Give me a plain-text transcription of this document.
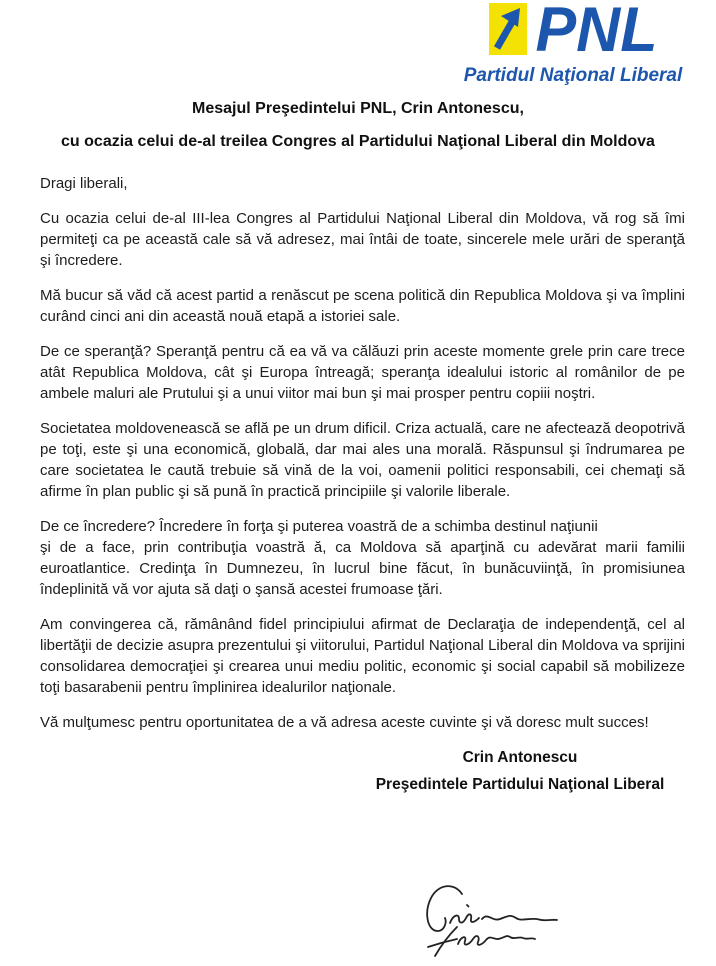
PNL
Partidul Naţional Liberal
Mesajul Preşedintelui PNL, Crin Antonescu,
cu ocazia celui de-al treilea Congres al Partidului Naţional Liberal din Moldova

Dragi liberali,

Cu ocazia celui de-al III-lea Congres al Partidului Naţional Liberal din Moldova, vă rog să îmi permiteţi ca pe această cale să vă adresez, mai întâi de toate, sincerele mele urări de speranţă şi încredere.

Mă bucur să văd că acest partid a renăscut pe scena politică din Republica Moldova şi va împlini curând cinci ani din această nouă etapă a istoriei sale.

De ce speranţă? Speranţă pentru că ea vă va călăuzi prin aceste momente grele prin care trece atât Republica Moldova, cât şi Europa întreagă; speranţa idealului istoric al românilor de pe ambele maluri ale Prutului şi a unui viitor mai bun şi mai prosper pentru copiii noştri.

Societatea moldovenească se află pe un drum dificil. Criza actuală, care ne afectează deopotrivă pe toţi, este şi una economică, globală, dar mai ales una morală. Răspunsul şi îndrumarea pe care societatea le caută trebuie să vină de la voi, oamenii politici responsabili, cei chemaţi să afirme în plan public şi să pună în practică principiile şi valorile liberale.

De ce încredere? Încredere în forţa şi puterea voastră de a schimba destinul naţiunii
şi de a face, prin contribuţia voastră ă, ca Moldova să aparţină cu adevărat marii familii euroatlantice. Credinţa în Dumnezeu, în lucrul bine făcut, în bunăcuviinţă, în promisiunea îndeplinită vă vor ajuta să daţi o şansă acestei frumoase ţări.

Am convingerea că, rămânând fidel principiului afirmat de Declaraţia de independenţă, cel al libertăţii de decizie asupra prezentului şi viitorului, Partidul Naţional Liberal din Moldova va sprijini consolidarea democraţiei şi crearea unui mediu politic, economic şi social capabil să mobilizeze toţi basarabenii pentru împlinirea idealurilor naţionale.

Vă mulţumesc pentru oportunitatea de a vă adresa aceste cuvinte şi vă doresc mult succes!

Crin Antonescu
Preşedintele Partidului Naţional Liberal
